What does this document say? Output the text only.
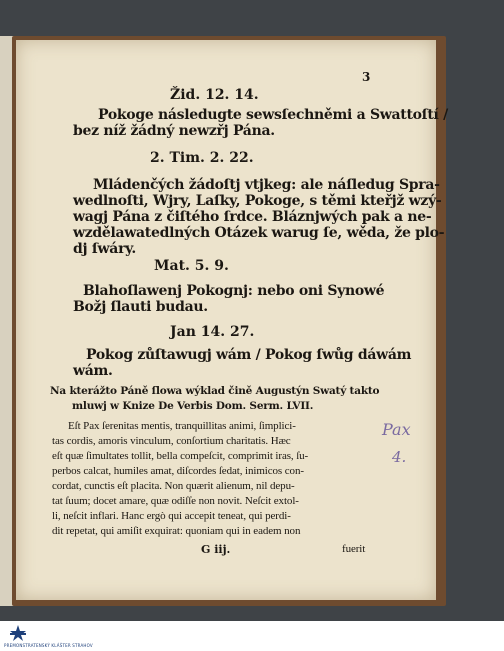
3

Žid. 12. 14.

Pokoge následugte sewsſechněmi a Swattoſtí /

bez níž žádný newzřj Pána.

2. Tim. 2. 22.

Mládenčých žádoſtj vtjkeg: ale náſledug Spra-

wedlnoſti, Wjry, Laſky, Pokoge, s těmi kteřjž wzý-

wagj Pána z čiſtého ſrdce. Bláznjwých pak a ne-

wzdělawatedlných Otázek warug ſe, wěda, že plo-

dj ſwáry.

Mat. 5. 9.

Blahoſlawenj Pokognj: nebo oni Synowé

Božj ſlauti budau.

Jan 14. 27.

Pokog zůſtawugj wám / Pokog ſwůg dáwám

wám.

Na kterážto Páně ſlowa wýklad čině Augustýn Swatý takto

mluwj w Knize De Verbis Dom. Serm. LVII.

Eſt Pax ſerenitas mentis, tranquillitas animi, ſimplici-

tas cordis, amoris vinculum, conſortium charitatis. Hæc

eſt quæ ſimultates tollit, bella compeſcit, comprimit iras, ſu-

perbos calcat, humiles amat, diſcordes ſedat, inimicos con-

cordat, cunctis eſt placita. Non quærit alienum, nil depu-

tat ſuum; docet amare, quæ odiſſe non novit. Neſcit extol-

li, neſcit inflari. Hanc ergò qui accepit teneat, qui perdi-

dit repetat, qui amiſit exquirat: quoniam qui in eadem non

G iij.	fuerit

Pax
4.
PREMONSTRATENSKÝ KLÁŠTER STRAHOV
